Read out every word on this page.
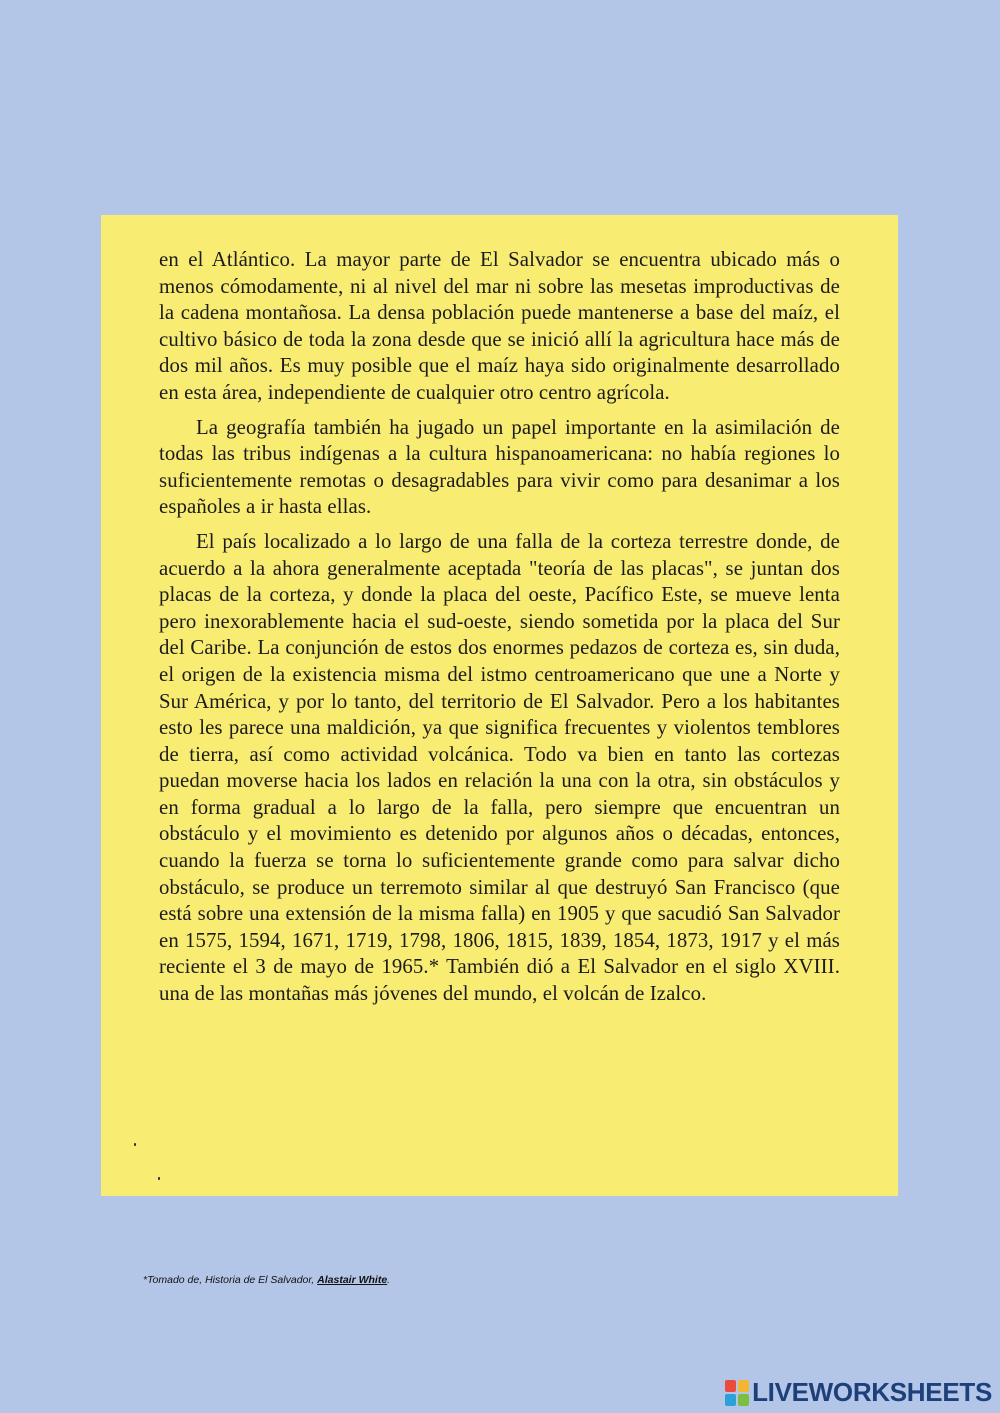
en el Atlántico. La mayor parte de El Salvador se encuentra ubicado más o menos cómodamente, ni al nivel del mar ni sobre las mesetas improductivas de la cadena montañosa. La densa población puede mantenerse a base del maíz, el cultivo básico de toda la zona desde que se inició allí la agricultura hace más de dos mil años. Es muy posible que el maíz haya sido originalmente desarrollado en esta área, independiente de cualquier otro centro agrícola.

La geografía también ha jugado un papel importante en la asimilación de todas las tribus indígenas a la cultura hispanoamericana: no había regiones lo suficientemente remotas o desagradables para vivir como para desanimar a los españoles a ir hasta ellas.

El país localizado a lo largo de una falla de la corteza terrestre donde, de acuerdo a la ahora generalmente aceptada "teoría de las placas", se juntan dos placas de la corteza, y donde la placa del oeste, Pacífico Este, se mueve lenta pero inexorablemente hacia el sud-oeste, siendo sometida por la placa del Sur del Caribe. La conjunción de estos dos enormes pedazos de corteza es, sin duda, el origen de la existencia misma del istmo centroamericano que une a Norte y Sur América, y por lo tanto, del territorio de El Salvador. Pero a los habitantes esto les parece una maldición, ya que significa frecuentes y violentos temblores de tierra, así como actividad volcánica. Todo va bien en tanto las cortezas puedan moverse hacia los lados en relación la una con la otra, sin obstáculos y en forma gradual a lo largo de la falla, pero siempre que encuentran un obstáculo y el movimiento es detenido por algunos años o décadas, entonces, cuando la fuerza se torna lo suficientemente grande como para salvar dicho obstáculo, se produce un terremoto similar al que destruyó San Francisco (que está sobre una extensión de la misma falla) en 1905 y que sacudió San Salvador en 1575, 1594, 1671, 1719, 1798, 1806, 1815, 1839, 1854, 1873, 1917 y el más reciente el 3 de mayo de 1965.* También dió a El Salvador en el siglo XVIII. una de las montañas más jóvenes del mundo, el volcán de Izalco.

*Tomado de, Historia de El Salvador, Alastair White.
LIVEWORKSHEETS
